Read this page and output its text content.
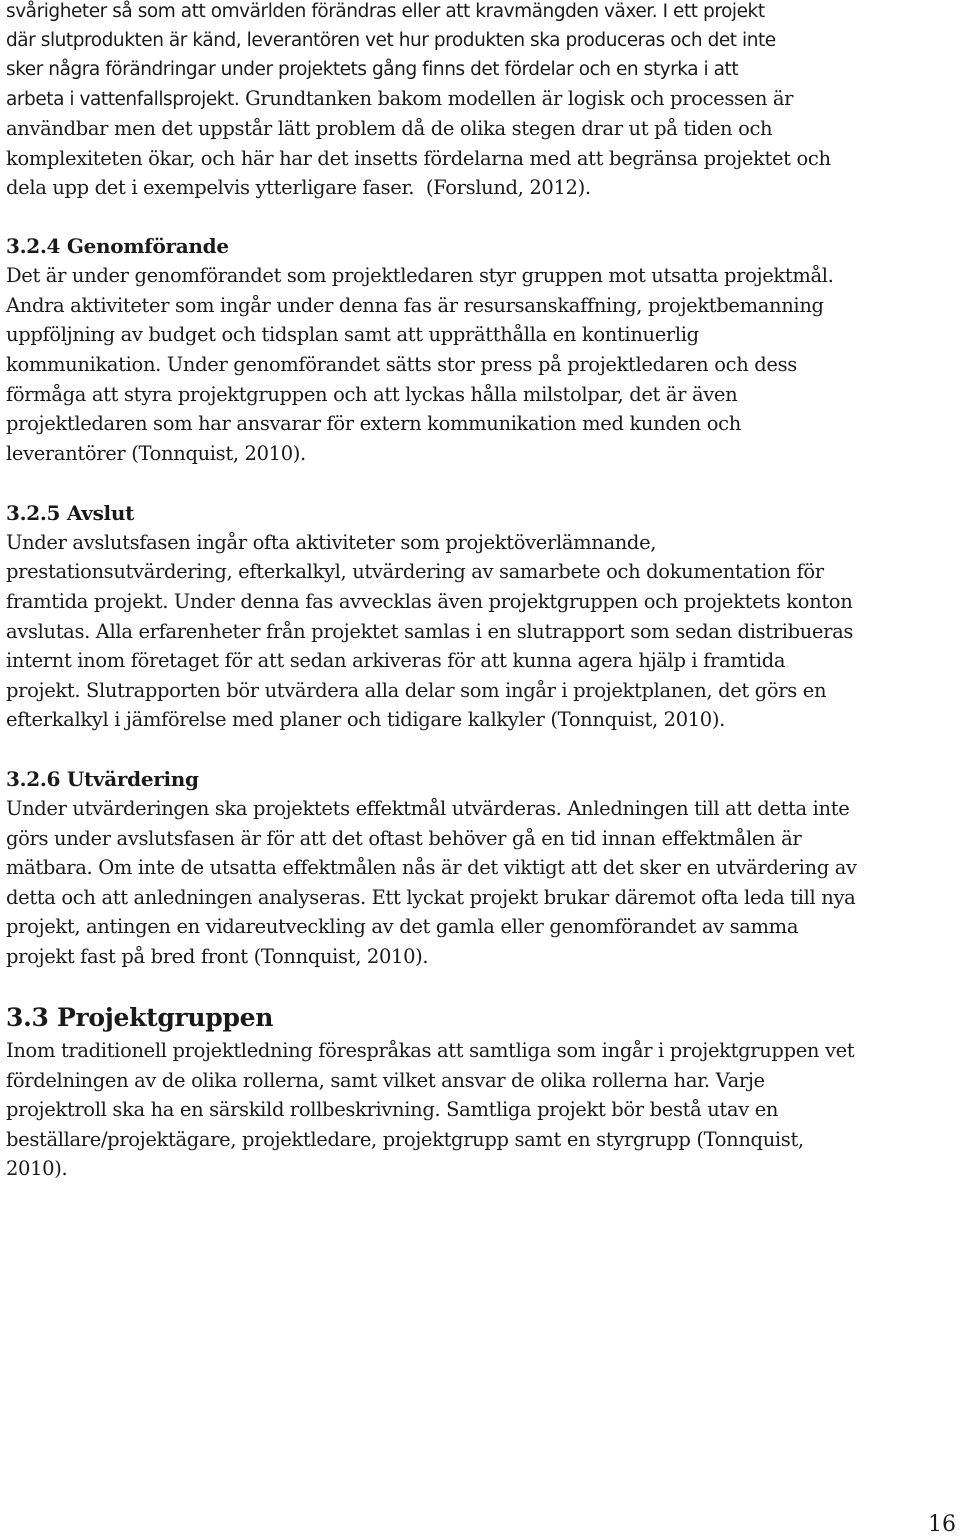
svårigheter så som att omvärlden förändras eller att kravmängden växer. I ett projekt
där slutprodukten är känd, leverantören vet hur produkten ska produceras och det inte
sker några förändringar under projektets gång finns det fördelar och en styrka i att
arbeta i vattenfallsprojekt. Grundtanken bakom modellen är logisk och processen är
användbar men det uppstår lätt problem då de olika stegen drar ut på tiden och
komplexiteten ökar, och här har det insetts fördelarna med att begränsa projektet och
dela upp det i exempelvis ytterligare faser.  (Forslund, 2012).
3.2.4 Genomförande
Det är under genomförandet som projektledaren styr gruppen mot utsatta projektmål.
Andra aktiviteter som ingår under denna fas är resursanskaffning, projektbemanning
uppföljning av budget och tidsplan samt att upprätthålla en kontinuerlig
kommunikation. Under genomförandet sätts stor press på projektledaren och dess
förmåga att styra projektgruppen och att lyckas hålla milstolpar, det är även
projektledaren som har ansvarar för extern kommunikation med kunden och
leverantörer (Tonnquist, 2010).
3.2.5 Avslut
Under avslutsfasen ingår ofta aktiviteter som projektöverlämnande,
prestationsutvärdering, efterkalkyl, utvärdering av samarbete och dokumentation för
framtida projekt. Under denna fas avvecklas även projektgruppen och projektets konton
avslutas. Alla erfarenheter från projektet samlas i en slutrapport som sedan distribueras
internt inom företaget för att sedan arkiveras för att kunna agera hjälp i framtida
projekt. Slutrapporten bör utvärdera alla delar som ingår i projektplanen, det görs en
efterkalkyl i jämförelse med planer och tidigare kalkyler (Tonnquist, 2010).
3.2.6 Utvärdering
Under utvärderingen ska projektets effektmål utvärderas. Anledningen till att detta inte
görs under avslutsfasen är för att det oftast behöver gå en tid innan effektmålen är
mätbara. Om inte de utsatta effektmålen nås är det viktigt att det sker en utvärdering av
detta och att anledningen analyseras. Ett lyckat projekt brukar däremot ofta leda till nya
projekt, antingen en vidareutveckling av det gamla eller genomförandet av samma
projekt fast på bred front (Tonnquist, 2010).
3.3 Projektgruppen
Inom traditionell projektledning förespråkas att samtliga som ingår i projektgruppen vet
fördelningen av de olika rollerna, samt vilket ansvar de olika rollerna har. Varje
projektroll ska ha en särskild rollbeskrivning. Samtliga projekt bör bestå utav en
beställare/projektägare, projektledare, projektgrupp samt en styrgrupp (Tonnquist,
2010).
16
